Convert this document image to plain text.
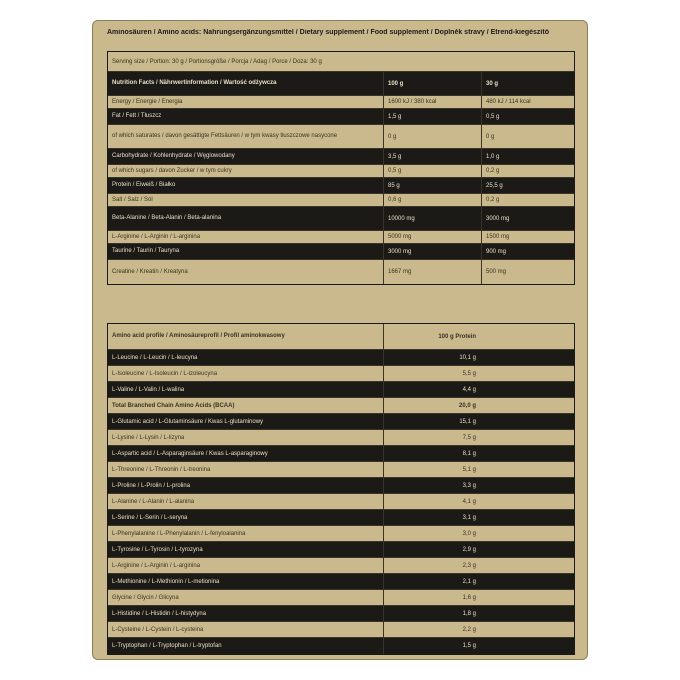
Aminosäuren / Amino acids: Nahrungsergänzungsmittel / Dietary supplement / Food supplement / Doplněk stravy / Étrend-kiegészítő
Serving size / Portion: 30 g / Portionsgröße / Porcja / Adag / Porce / Doza: 30 g
Nutrition Facts / Nährwertinformation / Wartość odżywcza	100 g	30 g
Energy / Energie / Energia	1600 kJ / 380 kcal	480 kJ / 114 kcal
Fat / Fett / Tłuszcz	1,5 g	0,5 g
of which saturates / davon gesättigte Fettsäuren / w tym kwasy tłuszczowe nasycone	0 g	0 g
Carbohydrate / Kohlenhydrate / Węglowodany	3,5 g	1,0 g
of which sugars / davon Zucker / w tym cukry	0,5 g	0,2 g
Protein / Eiweiß / Białko	85 g	25,5 g
Salt / Salz / Sól	0,6 g	0,2 g
Beta-Alanine / Beta-Alanin / Beta-alanina	10000 mg	3000 mg
L-Arginine / L-Arginin / L-arginina	5000 mg	1500 mg
Taurine / Taurin / Tauryna	3000 mg	900 mg
Creatine / Kreatin / Kreatyna	1667 mg	500 mg
Amino acid profile / Aminosäureprofil / Profil aminokwasowy	100 g Protein
L-Leucine / L-Leucin / L-leucyna	10,1 g
L-Isoleucine / L-Isoleucin / L-izoleucyna	5,5 g
L-Valine / L-Valin / L-walina	4,4 g
Total Branched Chain Amino Acids (BCAA)	20,0 g
L-Glutamic acid / L-Glutaminsäure / Kwas L-glutaminowy	15,1 g
L-Lysine / L-Lysin / L-lizyna	7,5 g
L-Aspartic acid / L-Asparaginsäure / Kwas L-asparaginowy	8,1 g
L-Threonine / L-Threonin / L-treonina	5,1 g
L-Proline / L-Prolin / L-prolina	3,3 g
L-Alanine / L-Alanin / L-alanina	4,1 g
L-Serine / L-Serin / L-seryna	3,1 g
L-Phenylalanine / L-Phenylalanin / L-fenyloalanina	3,0 g
L-Tyrosine / L-Tyrosin / L-tyrozyna	2,9 g
L-Arginine / L-Arginin / L-arginina	2,3 g
L-Methionine / L-Methionin / L-metionina	2,1 g
Glycine / Glycin / Glicyna	1,6 g
L-Histidine / L-Histidin / L-histydyna	1,8 g
L-Cysteine / L-Cystein / L-cysteina	2,2 g
L-Tryptophan / L-Tryptophan / L-tryptofan	1,5 g
